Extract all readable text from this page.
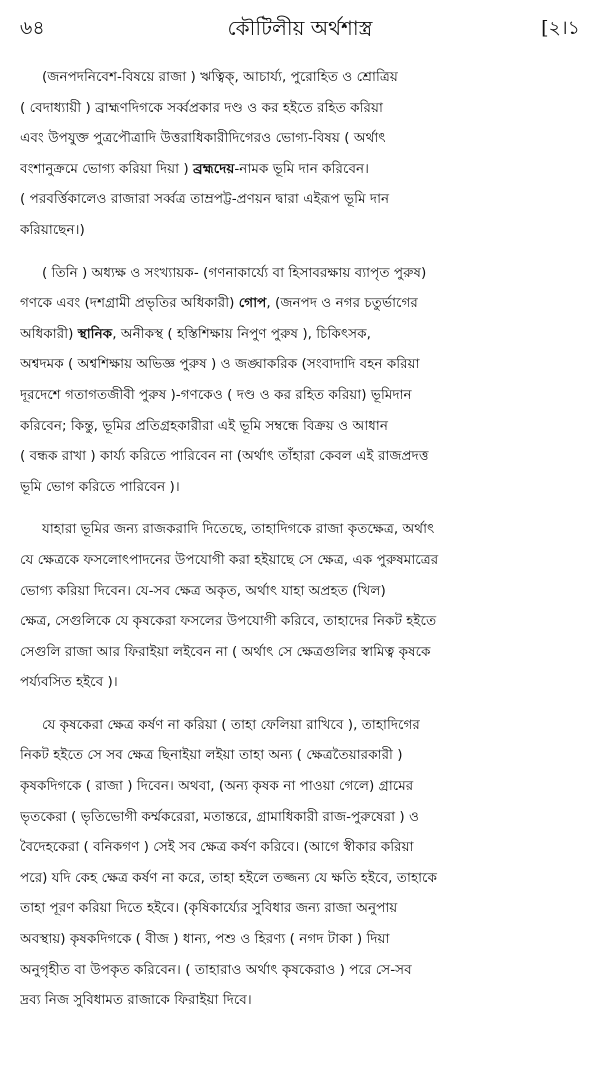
৬৪	কৌটিলীয় অর্থশাস্ত্র	[২।১
(জনপদনিবেশ-বিষয়ে রাজা ) ঋত্বিক্, আচার্য্য, পুরোহিত ও শ্রোত্রিয়
( বেদাধ্যায়ী ) ব্রাহ্মণদিগকে সর্ব্বপ্রকার দণ্ড ও কর হইতে রহিত করিয়া
এবং উপযুক্ত পুত্রপৌত্রাদি উত্তরাধিকারীদিগেরও ভোগ্য-বিষয় ( অর্থাৎ
বংশানুক্রমে ভোগ্য করিয়া দিয়া ) ব্রহ্মদেয়-নামক ভূমি দান করিবেন।
( পরবর্ত্তিকালেও রাজারা সর্ব্বত্র তাম্রপট্ট-প্রণয়ন দ্বারা এইরূপ ভূমি দান
করিয়াছেন।)
( তিনি ) অধ্যক্ষ ও সংখ্যায়ক- (গণনাকার্য্যে বা হিসাবরক্ষায় ব্যাপৃত পুরুষ)
গণকে এবং (দশগ্রামী প্রভৃতির অধিকারী) গোপ, (জনপদ ও নগর চতুর্ভাগের
অধিকারী) স্থানিক, অনীকস্থ ( হস্তিশিক্ষায় নিপুণ পুরুষ ), চিকিৎসক,
অশ্বদমক ( অশ্বশিক্ষায় অভিজ্ঞ পুরুষ ) ও জঙ্ঘাকরিক (সংবাদাদি বহন করিয়া
দূরদেশে গতাগতজীবী পুরুষ )-গণকেও ( দণ্ড ও কর রহিত করিয়া) ভূমিদান
করিবেন; কিন্তু, ভূমির প্রতিগ্রহকারীরা এই ভূমি সম্বন্ধে বিক্রয় ও আধান
( বন্ধক রাখা ) কার্য্য করিতে পারিবেন না (অর্থাৎ তাঁহারা কেবল এই রাজপ্রদত্ত
ভূমি ভোগ করিতে পারিবেন )।
যাহারা ভূমির জন্য রাজকরাদি দিতেছে, তাহাদিগকে রাজা কৃতক্ষেত্র, অর্থাৎ
যে ক্ষেত্রকে ফসলোৎপাদনের উপযোগী করা হইয়াছে সে ক্ষেত্র, এক পুরুষমাত্রের
ভোগ্য করিয়া দিবেন। যে-সব ক্ষেত্র অকৃত, অর্থাৎ যাহা অপ্রহত (খিল)
ক্ষেত্র, সেগুলিকে যে কৃষকেরা ফসলের উপযোগী করিবে, তাহাদের নিকট হইতে
সেগুলি রাজা আর ফিরাইয়া লইবেন না ( অর্থাৎ সে ক্ষেত্রগুলির স্বামিত্ব কৃষকে
পর্য্যবসিত হইবে )।
যে কৃষকেরা ক্ষেত্র কর্ষণ না করিয়া ( তাহা ফেলিয়া রাখিবে ), তাহাদিগের
নিকট হইতে সে সব ক্ষেত্র ছিনাইয়া লইয়া তাহা অন্য ( ক্ষেত্রতৈয়ারকারী )
কৃষকদিগকে ( রাজা ) দিবেন। অথবা, (অন্য কৃষক না পাওয়া গেলে) গ্রামের
ভৃতকেরা ( ভৃতিভোগী কর্ম্মকরেরা, মতান্তরে, গ্রামাধিকারী রাজ-পুরুষেরা ) ও
বৈদেহকেরা ( বনিকগণ ) সেই সব ক্ষেত্র কর্ষণ করিবে। (আগে স্বীকার করিয়া
পরে) যদি কেহ ক্ষেত্র কর্ষণ না করে, তাহা হইলে তজ্জন্য যে ক্ষতি হইবে, তাহাকে
তাহা পূরণ করিয়া দিতে হইবে। (কৃষিকার্য্যের সুবিধার জন্য রাজা অনুপায়
অবস্থায়) কৃষকদিগকে ( বীজ ) ধান্য, পশু ও হিরণ্য ( নগদ টাকা ) দিয়া
অনুগৃহীত বা উপকৃত করিবেন। ( তাহারাও অর্থাৎ কৃষকেরাও ) পরে সে-সব
দ্রব্য নিজ সুবিধামত রাজাকে ফিরাইয়া দিবে।
